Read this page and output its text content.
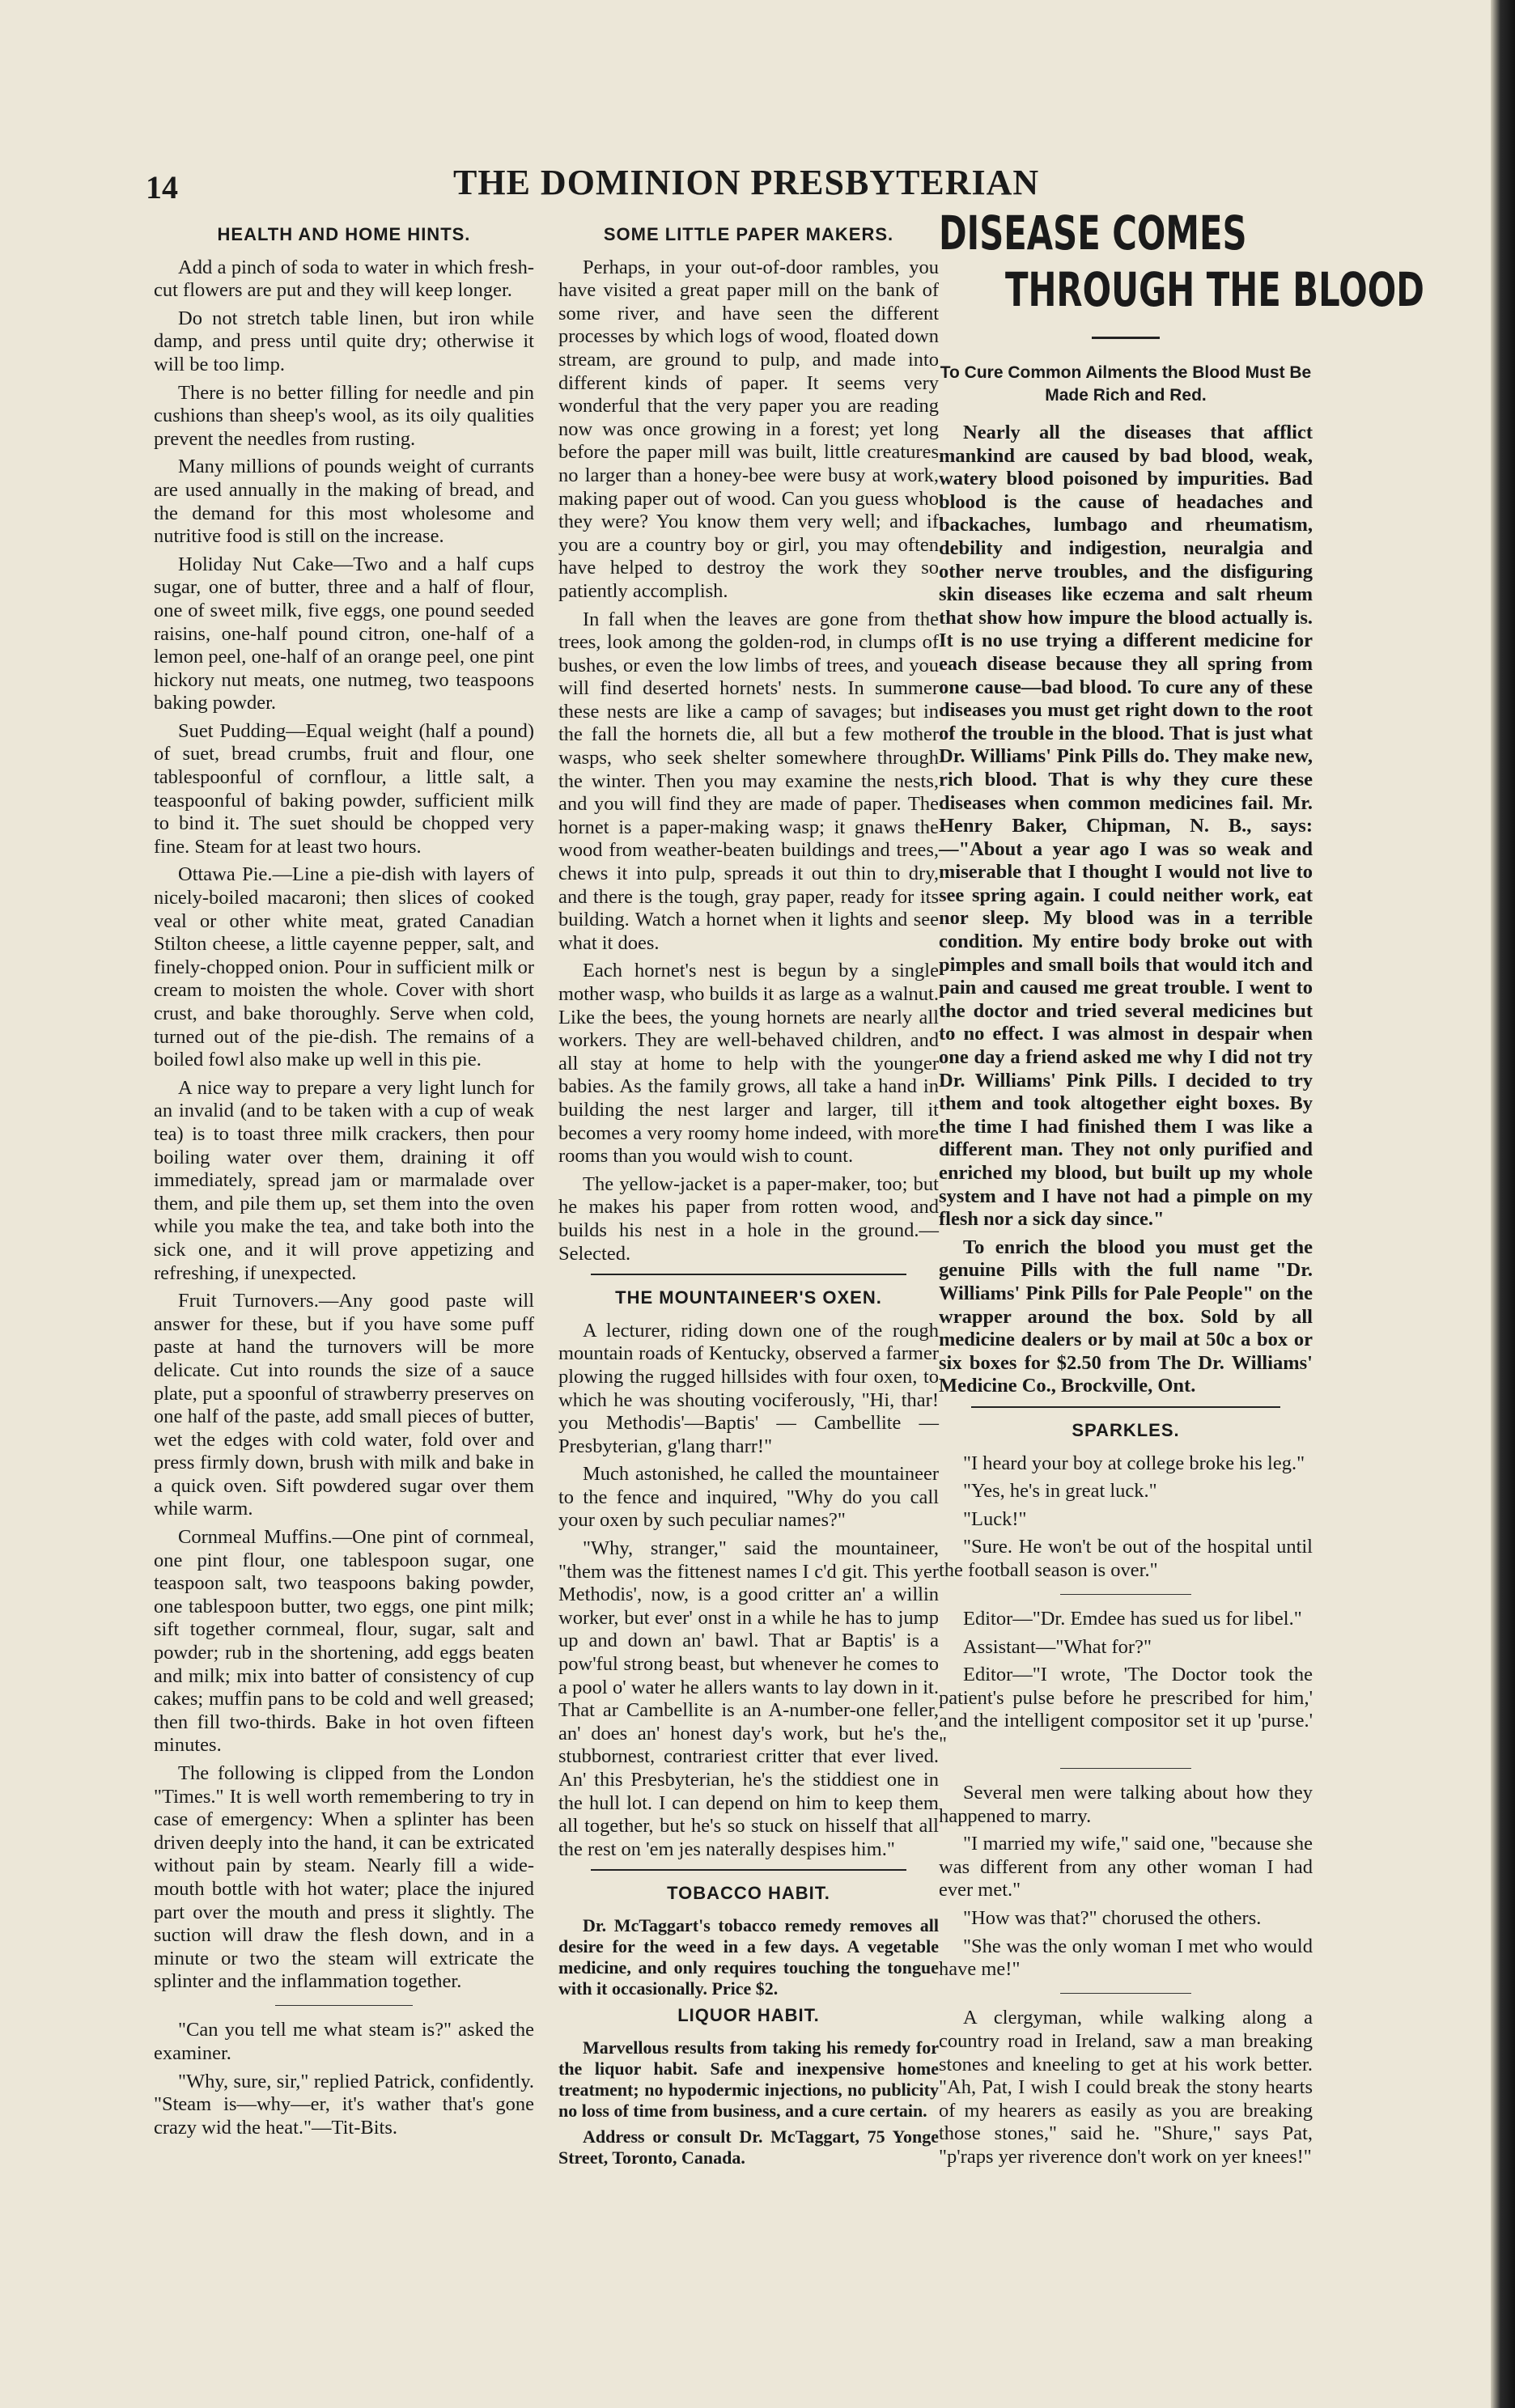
14	THE DOMINION PRESBYTERIAN
HEALTH AND HOME HINTS.

Add a pinch of soda to water in which fresh-cut flowers are put and they will keep longer.

Do not stretch table linen, but iron while damp, and press until quite dry; otherwise it will be too limp.

There is no better filling for needle and pin cushions than sheep's wool, as its oily qualities prevent the needles from rusting.

Many millions of pounds weight of currants are used annually in the making of bread, and the demand for this most wholesome and nutritive food is still on the increase.

Holiday Nut Cake—Two and a half cups sugar, one of butter, three and a half of flour, one of sweet milk, five eggs, one pound seeded raisins, one-half pound citron, one-half of a lemon peel, one-half of an orange peel, one pint hickory nut meats, one nutmeg, two teaspoons baking powder.

Suet Pudding—Equal weight (half a pound) of suet, bread crumbs, fruit and flour, one tablespoonful of cornflour, a little salt, a teaspoonful of baking powder, sufficient milk to bind it. The suet should be chopped very fine. Steam for at least two hours.

Ottawa Pie.—Line a pie-dish with layers of nicely-boiled macaroni; then slices of cooked veal or other white meat, grated Canadian Stilton cheese, a little cayenne pepper, salt, and finely-chopped onion. Pour in sufficient milk or cream to moisten the whole. Cover with short crust, and bake thoroughly. Serve when cold, turned out of the pie-dish. The remains of a boiled fowl also make up well in this pie.

A nice way to prepare a very light lunch for an invalid (and to be taken with a cup of weak tea) is to toast three milk crackers, then pour boiling water over them, draining it off immediately, spread jam or marmalade over them, and pile them up, set them into the oven while you make the tea, and take both into the sick one, and it will prove appetizing and refreshing, if unexpected.

Fruit Turnovers.—Any good paste will answer for these, but if you have some puff paste at hand the turnovers will be more delicate. Cut into rounds the size of a sauce plate, put a spoonful of strawberry preserves on one half of the paste, add small pieces of butter, wet the edges with cold water, fold over and press firmly down, brush with milk and bake in a quick oven. Sift powdered sugar over them while warm.

Cornmeal Muffins.—One pint of cornmeal, one pint flour, one tablespoon sugar, one teaspoon salt, two teaspoons baking powder, one tablespoon butter, two eggs, one pint milk; sift together cornmeal, flour, sugar, salt and powder; rub in the shortening, add eggs beaten and milk; mix into batter of consistency of cup cakes; muffin pans to be cold and well greased; then fill two-thirds. Bake in hot oven fifteen minutes.

The following is clipped from the London "Times." It is well worth remembering to try in case of emergency: When a splinter has been driven deeply into the hand, it can be extricated without pain by steam. Nearly fill a wide-mouth bottle with hot water; place the injured part over the mouth and press it slightly. The suction will draw the flesh down, and in a minute or two the steam will extricate the splinter and the inflammation together.

"Can you tell me what steam is?" asked the examiner.

"Why, sure, sir," replied Patrick, confidently. "Steam is—why—er, it's wather that's gone crazy wid the heat."—Tit-Bits.

SOME LITTLE PAPER MAKERS.

Perhaps, in your out-of-door rambles, you have visited a great paper mill on the bank of some river, and have seen the different processes by which logs of wood, floated down stream, are ground to pulp, and made into different kinds of paper. It seems very wonderful that the very paper you are reading now was once growing in a forest; yet long before the paper mill was built, little creatures no larger than a honey-bee were busy at work, making paper out of wood. Can you guess who they were? You know them very well; and if you are a country boy or girl, you may often have helped to destroy the work they so patiently accomplish.

In fall when the leaves are gone from the trees, look among the golden-rod, in clumps of bushes, or even the low limbs of trees, and you will find deserted hornets' nests. In summer these nests are like a camp of savages; but in the fall the hornets die, all but a few mother wasps, who seek shelter somewhere through the winter. Then you may examine the nests, and you will find they are made of paper. The hornet is a paper-making wasp; it gnaws the wood from weather-beaten buildings and trees, chews it into pulp, spreads it out thin to dry, and there is the tough, gray paper, ready for its building. Watch a hornet when it lights and see what it does.

Each hornet's nest is begun by a single mother wasp, who builds it as large as a walnut. Like the bees, the young hornets are nearly all workers. They are well-behaved children, and all stay at home to help with the younger babies. As the family grows, all take a hand in building the nest larger and larger, till it becomes a very roomy home indeed, with more rooms than you would wish to count.

The yellow-jacket is a paper-maker, too; but he makes his paper from rotten wood, and builds his nest in a hole in the ground.—Selected.

THE MOUNTAINEER'S OXEN.

A lecturer, riding down one of the rough mountain roads of Kentucky, observed a farmer plowing the rugged hillsides with four oxen, to which he was shouting vociferously, "Hi, thar! you Methodis'—Baptis' — Cambellite — Presbyterian, g'lang tharr!"

Much astonished, he called the mountaineer to the fence and inquired, "Why do you call your oxen by such peculiar names?"

"Why, stranger," said the mountaineer, "them was the fittenest names I c'd git. This yer Methodis', now, is a good critter an' a willin worker, but ever' onst in a while he has to jump up and down an' bawl. That ar Baptis' is a pow'ful strong beast, but whenever he comes to a pool o' water he allers wants to lay down in it. That ar Cambellite is an A-number-one feller, an' does an' honest day's work, but he's the stubbornest, contrariest critter that ever lived. An' this Presbyterian, he's the stiddiest one in the hull lot. I can depend on him to keep them all together, but he's so stuck on hisself that all the rest on 'em jes naterally despises him."

TOBACCO HABIT.

Dr. McTaggart's tobacco remedy removes all desire for the weed in a few days. A vegetable medicine, and only requires touching the tongue with it occasionally. Price $2.

LIQUOR HABIT.

Marvellous results from taking his remedy for the liquor habit. Safe and inexpensive home treatment; no hypodermic injections, no publicity no loss of time from business, and a cure certain.

Address or consult Dr. McTaggart, 75 Yonge Street, Toronto, Canada.

DISEASE COMES
THROUGH THE BLOOD
To Cure Common Ailments the Blood Must Be Made Rich and Red.

Nearly all the diseases that afflict mankind are caused by bad blood, weak, watery blood poisoned by impurities. Bad blood is the cause of headaches and backaches, lumbago and rheumatism, debility and indigestion, neuralgia and other nerve troubles, and the disfiguring skin diseases like eczema and salt rheum that show how impure the blood actually is. It is no use trying a different medicine for each disease because they all spring from one cause—bad blood. To cure any of these diseases you must get right down to the root of the trouble in the blood. That is just what Dr. Williams' Pink Pills do. They make new, rich blood. That is why they cure these diseases when common medicines fail. Mr. Henry Baker, Chipman, N. B., says:—"About a year ago I was so weak and miserable that I thought I would not live to see spring again. I could neither work, eat nor sleep. My blood was in a terrible condition. My entire body broke out with pimples and small boils that would itch and pain and caused me great trouble. I went to the doctor and tried several medicines but to no effect. I was almost in despair when one day a friend asked me why I did not try Dr. Williams' Pink Pills. I decided to try them and took altogether eight boxes. By the time I had finished them I was like a different man. They not only purified and enriched my blood, but built up my whole system and I have not had a pimple on my flesh nor a sick day since."

To enrich the blood you must get the genuine Pills with the full name "Dr. Williams' Pink Pills for Pale People" on the wrapper around the box. Sold by all medicine dealers or by mail at 50c a box or six boxes for $2.50 from The Dr. Williams' Medicine Co., Brockville, Ont.

SPARKLES.

"I heard your boy at college broke his leg."

"Yes, he's in great luck."

"Luck!"

"Sure. He won't be out of the hospital until the football season is over."

Editor—"Dr. Emdee has sued us for libel."

Assistant—"What for?"

Editor—"I wrote, 'The Doctor took the patient's pulse before he prescribed for him,' and the intelligent compositor set it up 'purse.' "

Several men were talking about how they happened to marry.

"I married my wife," said one, "because she was different from any other woman I had ever met."

"How was that?" chorused the others.

"She was the only woman I met who would have me!"

A clergyman, while walking along a country road in Ireland, saw a man breaking stones and kneeling to get at his work better. "Ah, Pat, I wish I could break the stony hearts of my hearers as easily as you are breaking those stones," said he. "Shure," says Pat, "p'raps yer riverence don't work on yer knees!"
